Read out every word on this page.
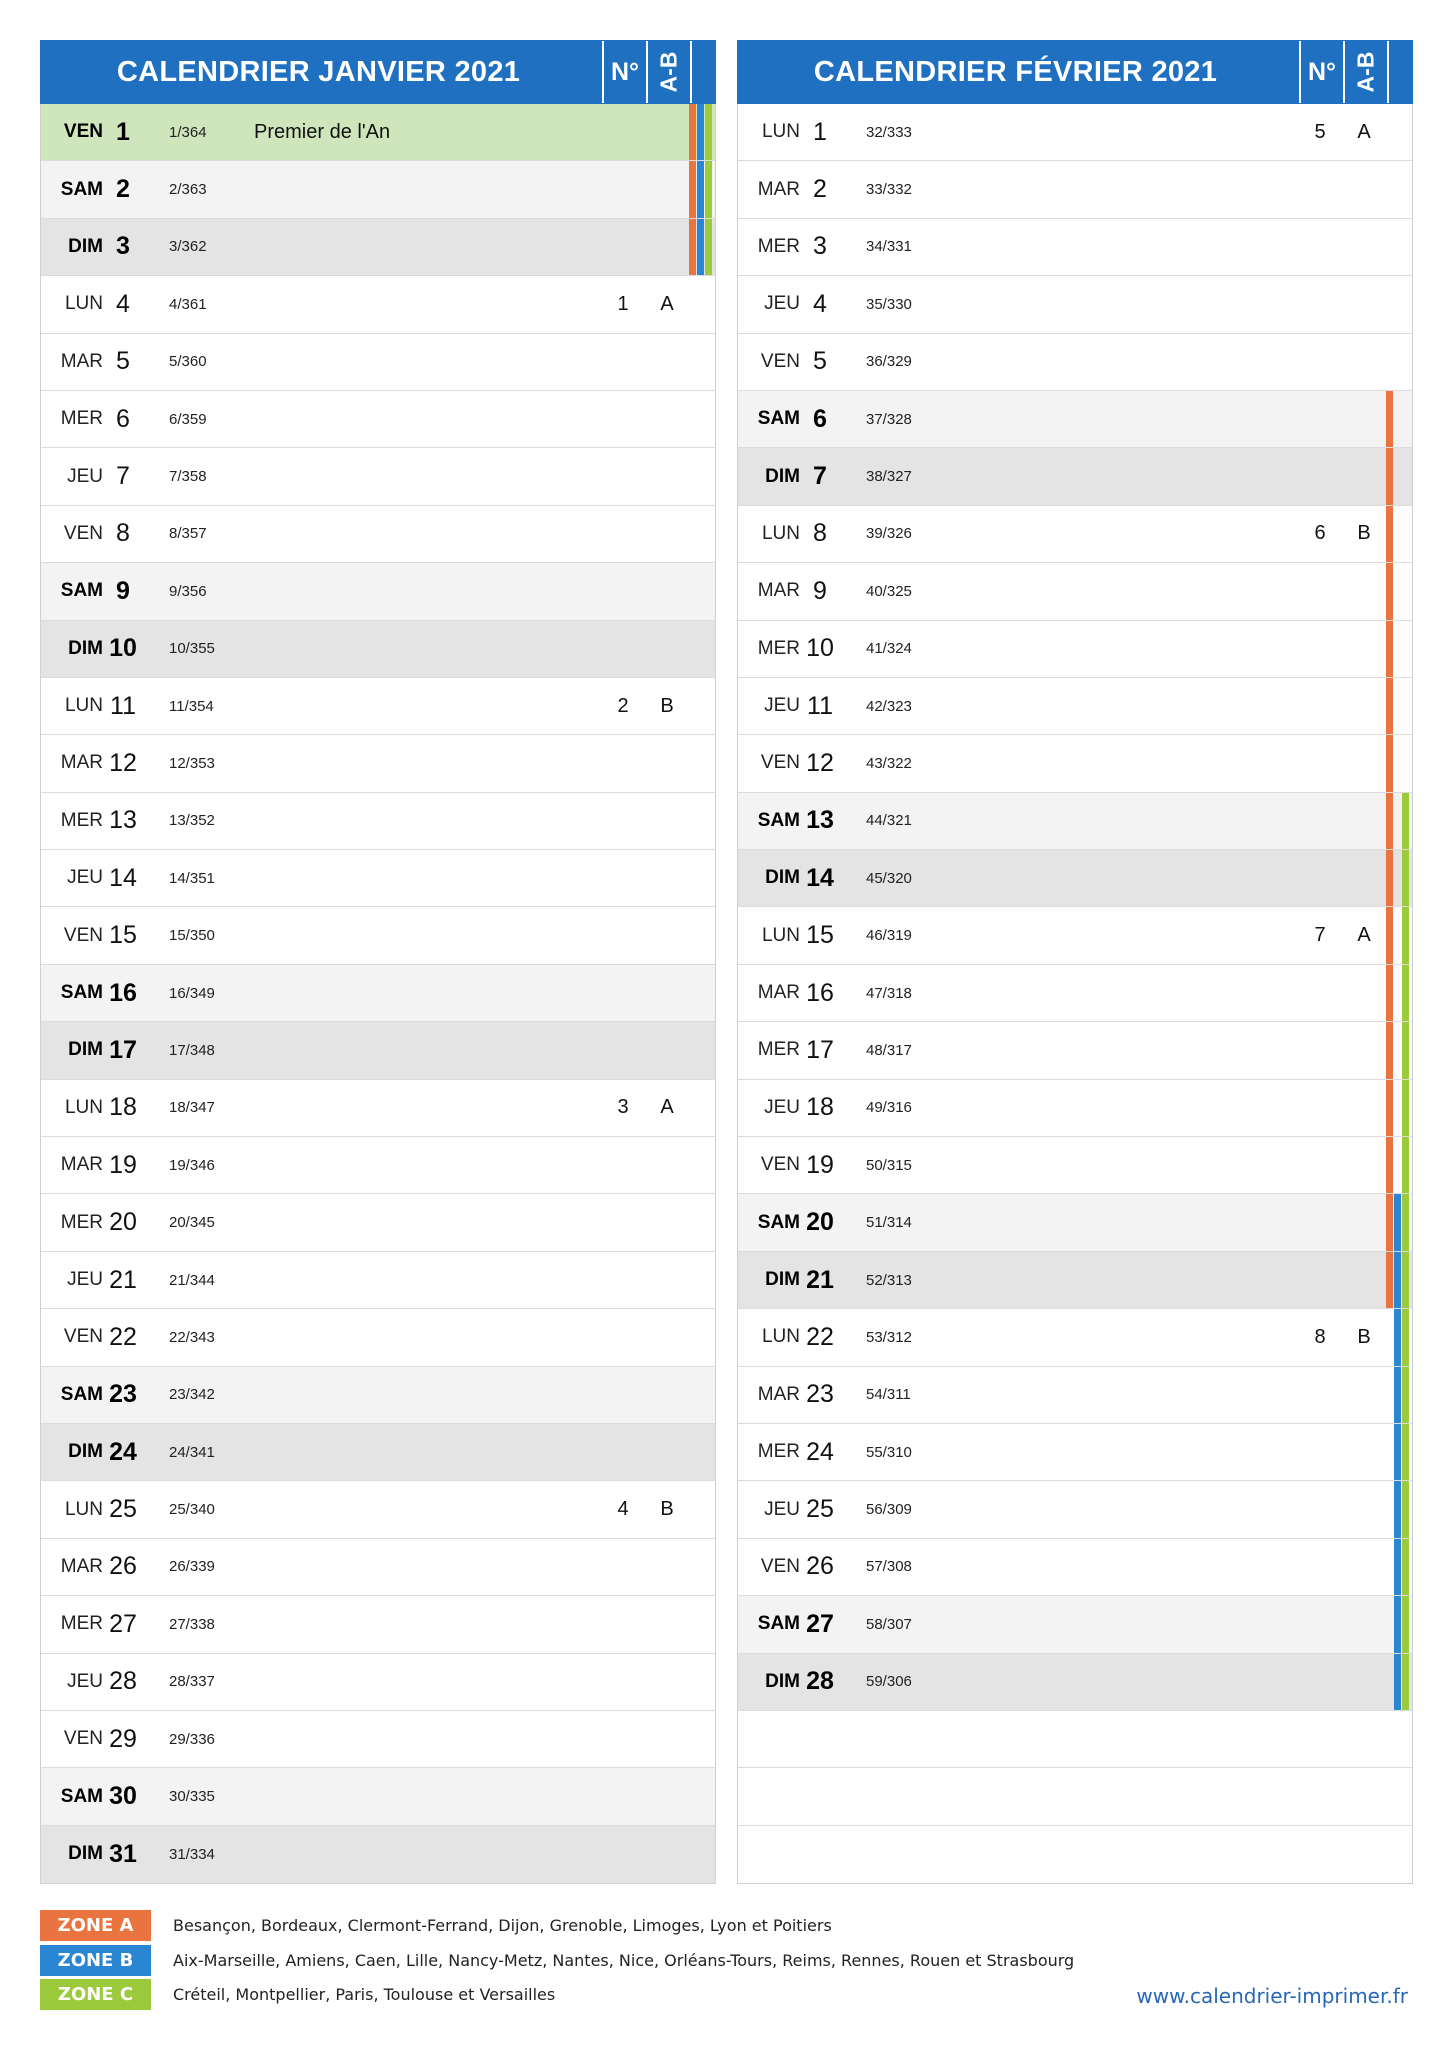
CALENDRIER JANVIER 2021	N° A-B
VEN 1	1/364 Premier de l'An
SAM 2	2/363
DIM 3	3/362
LUN 4	4/361	1	A
MAR 5	5/360
MER 6	6/359
JEU 7	7/358
VEN 8	8/357
SAM 9	9/356
DIM 10	10/355
LUN 11	11/354	2	B
MAR 12	12/353
MER 13	13/352
JEU 14	14/351
VEN 15	15/350
SAM 16	16/349
DIM 17	17/348
LUN 18	18/347	3	A
MAR 19	19/346
MER 20	20/345
JEU 21	21/344
VEN 22	22/343
SAM 23	23/342
DIM 24	24/341
LUN 25	25/340	4	B
MAR 26	26/339
MER 27	27/338
JEU 28	28/337
VEN 29	29/336
SAM 30	30/335
DIM 31	31/334
CALENDRIER FÉVRIER 2021	N° A-B
LUN 1	32/333	5	A
MAR 2	33/332
MER 3	34/331
JEU 4	35/330
VEN 5	36/329
SAM 6	37/328
DIM 7	38/327
LUN 8	39/326	6	B
MAR 9	40/325
MER 10	41/324
JEU 11	42/323
VEN 12	43/322
SAM 13	44/321
DIM 14	45/320
LUN 15	46/319	7	A
MAR 16	47/318
MER 17	48/317
JEU 18	49/316
VEN 19	50/315
SAM 20	51/314
DIM 21	52/313
LUN 22	53/312	8	B
MAR 23	54/311
MER 24	55/310
JEU 25	56/309
VEN 26	57/308
SAM 27	58/307
DIM 28	59/306
ZONE A	Besançon, Bordeaux, Clermont-Ferrand, Dijon, Grenoble, Limoges, Lyon et Poitiers
ZONE B	Aix-Marseille, Amiens, Caen, Lille, Nancy-Metz, Nantes, Nice, Orléans-Tours, Reims, Rennes, Rouen et Strasbourg
ZONE C	Créteil, Montpellier, Paris, Toulouse et Versailles	www.calendrier-imprimer.fr
